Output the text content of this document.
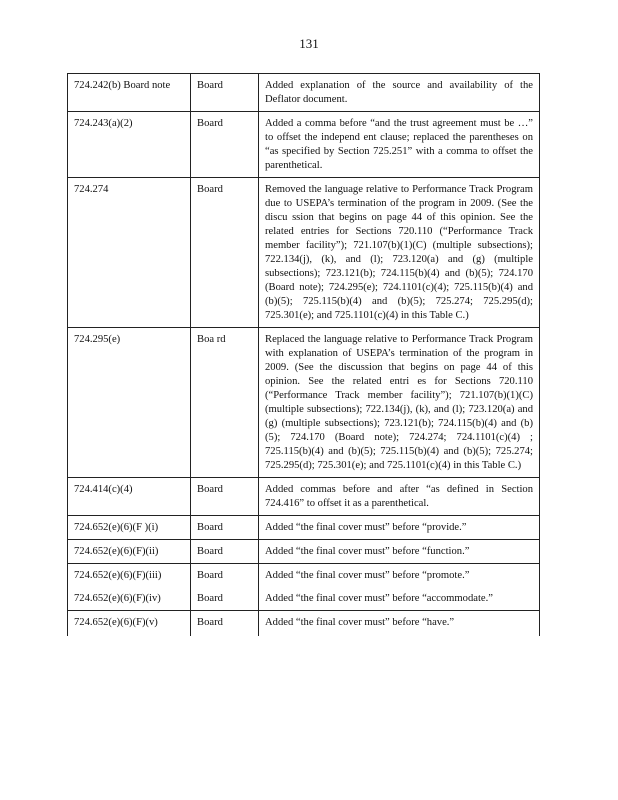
131
724.242(b) Board note	Board	Added explanation of the source and availability of the Deflator document.
724.243(a)(2)	Board	Added a comma before “and the trust agreement must be …” to offset the independ ent clause; replaced the parentheses on “as specified by Section 725.251” with a comma to offset the parenthetical.
724.274	Board	Removed the language relative to Performance Track Program due to USEPA’s termination of the program in 2009. (See the discu ssion that begins on page 44 of this opinion. See the related entries for Sections 720.110 (“Performance Track member facility”); 721.107(b)(1)(C) (multiple subsections); 722.134(j), (k), and (l); 723.120(a) and (g) (multiple subsections); 723.121(b); 724.115(b)(4) and (b)(5); 724.170 (Board note); 724.295(e); 724.1101(c)(4); 725.115(b)(4) and (b)(5); 725.115(b)(4) and (b)(5); 725.274; 725.295(d); 725.301(e); and 725.1101(c)(4) in this Table C.)
724.295(e)	Boa rd	Replaced the language relative to Performance Track Program with explanation of USEPA’s termination of the program in 2009. (See the discussion that begins on page 44 of this opinion. See the related entri es for Sections 720.110 (“Performance Track member facility”); 721.107(b)(1)(C) (multiple subsections); 722.134(j), (k), and (l); 723.120(a) and (g) (multiple subsections); 723.121(b); 724.115(b)(4) and (b)(5); 724.170 (Board note); 724.274; 724.1101(c)(4) ; 725.115(b)(4) and (b)(5); 725.115(b)(4) and (b)(5); 725.274; 725.295(d); 725.301(e); and 725.1101(c)(4) in this Table C.)
724.414(c)(4)	Board	Added commas before and after “as defined in Section 724.416” to offset it as a parenthetical.
724.652(e)(6)(F )(i)	Board	Added “the final cover must” before “provide.”
724.652(e)(6)(F)(ii)	Board	Added “the final cover must” before “function.”
724.652(e)(6)(F)(iii)	Board	Added “the final cover must” before “promote.”
724.652(e)(6)(F)(iv)	Board	Added “the final cover must” before “accommodate.”
724.652(e)(6)(F)(v)	Board	Added “the final cover must” before “have.”
